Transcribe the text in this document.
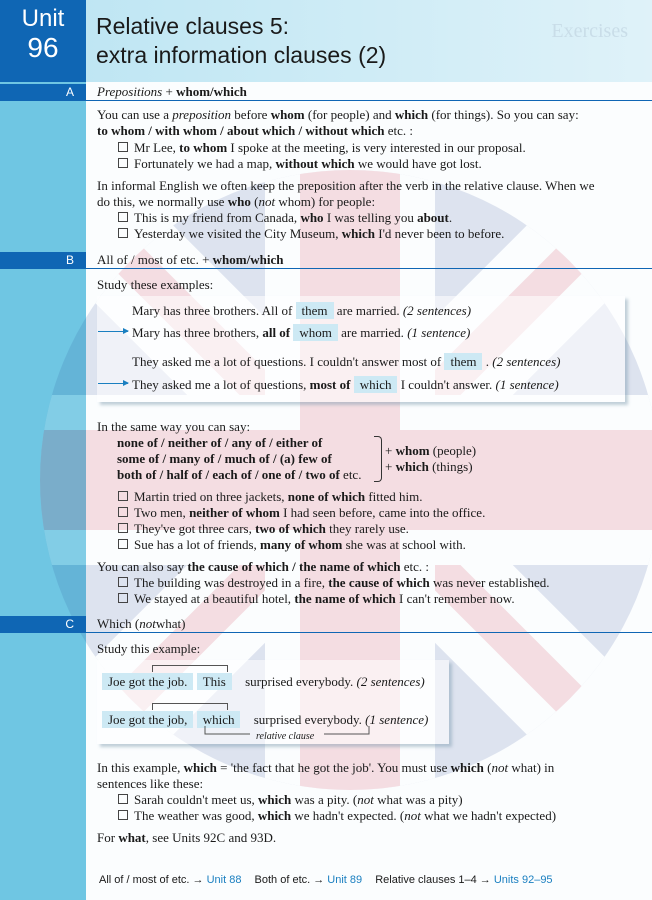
Unit
96
Relative clauses 5:
extra information clauses (2)
Exercises
A	Prepositions + whom/which
You can use a preposition before whom (for people) and which (for things). So you can say:
to whom / with whom / about which / without which etc. :
Mr Lee, to whom I spoke at the meeting, is very interested in our proposal.
Fortunately we had a map, without which we would have got lost.
In informal English we often keep the preposition after the verb in the relative clause. When we
do this, we normally use who (not whom) for people:
This is my friend from Canada, who I was telling you about.
Yesterday we visited the City Museum, which I'd never been to before.
B	All of / most of etc. + whom/which
Study these examples:
Mary has three brothers. All of them are married. (2 sentences)
Mary has three brothers, all of whom are married. (1 sentence)
They asked me a lot of questions. I couldn't answer most of them . (2 sentences)
They asked me a lot of questions, most of which I couldn't answer. (1 sentence)
In the same way you can say:
none of / neither of / any of / either of
some of / many of / much of / (a) few of
both of / half of / each of / one of / two of etc.
+ whom (people)
+ which (things)
Martin tried on three jackets, none of which fitted him.
Two men, neither of whom I had seen before, came into the office.
They've got three cars, two of which they rarely use.
Sue has a lot of friends, many of whom she was at school with.
You can also say the cause of which / the name of which etc. :
The building was destroyed in a fire, the cause of which was never established.
We stayed at a beautiful hotel, the name of which I can't remember now.
C	Which (notwhat)
Study this example:
Joe got the job. This surprised everybody. (2 sentences)
Joe got the job, which surprised everybody. (1 sentence)
relative clause
In this example, which = 'the fact that he got the job'. You must use which (not what) in
sentences like these:
Sarah couldn't meet us, which was a pity. (not what was a pity)
The weather was good, which we hadn't expected. (not what we hadn't expected)
For what, see Units 92C and 93D.
All of / most of etc. → Unit 88 Both of etc. → Unit 89 Relative clauses 1–4 → Units 92–95
